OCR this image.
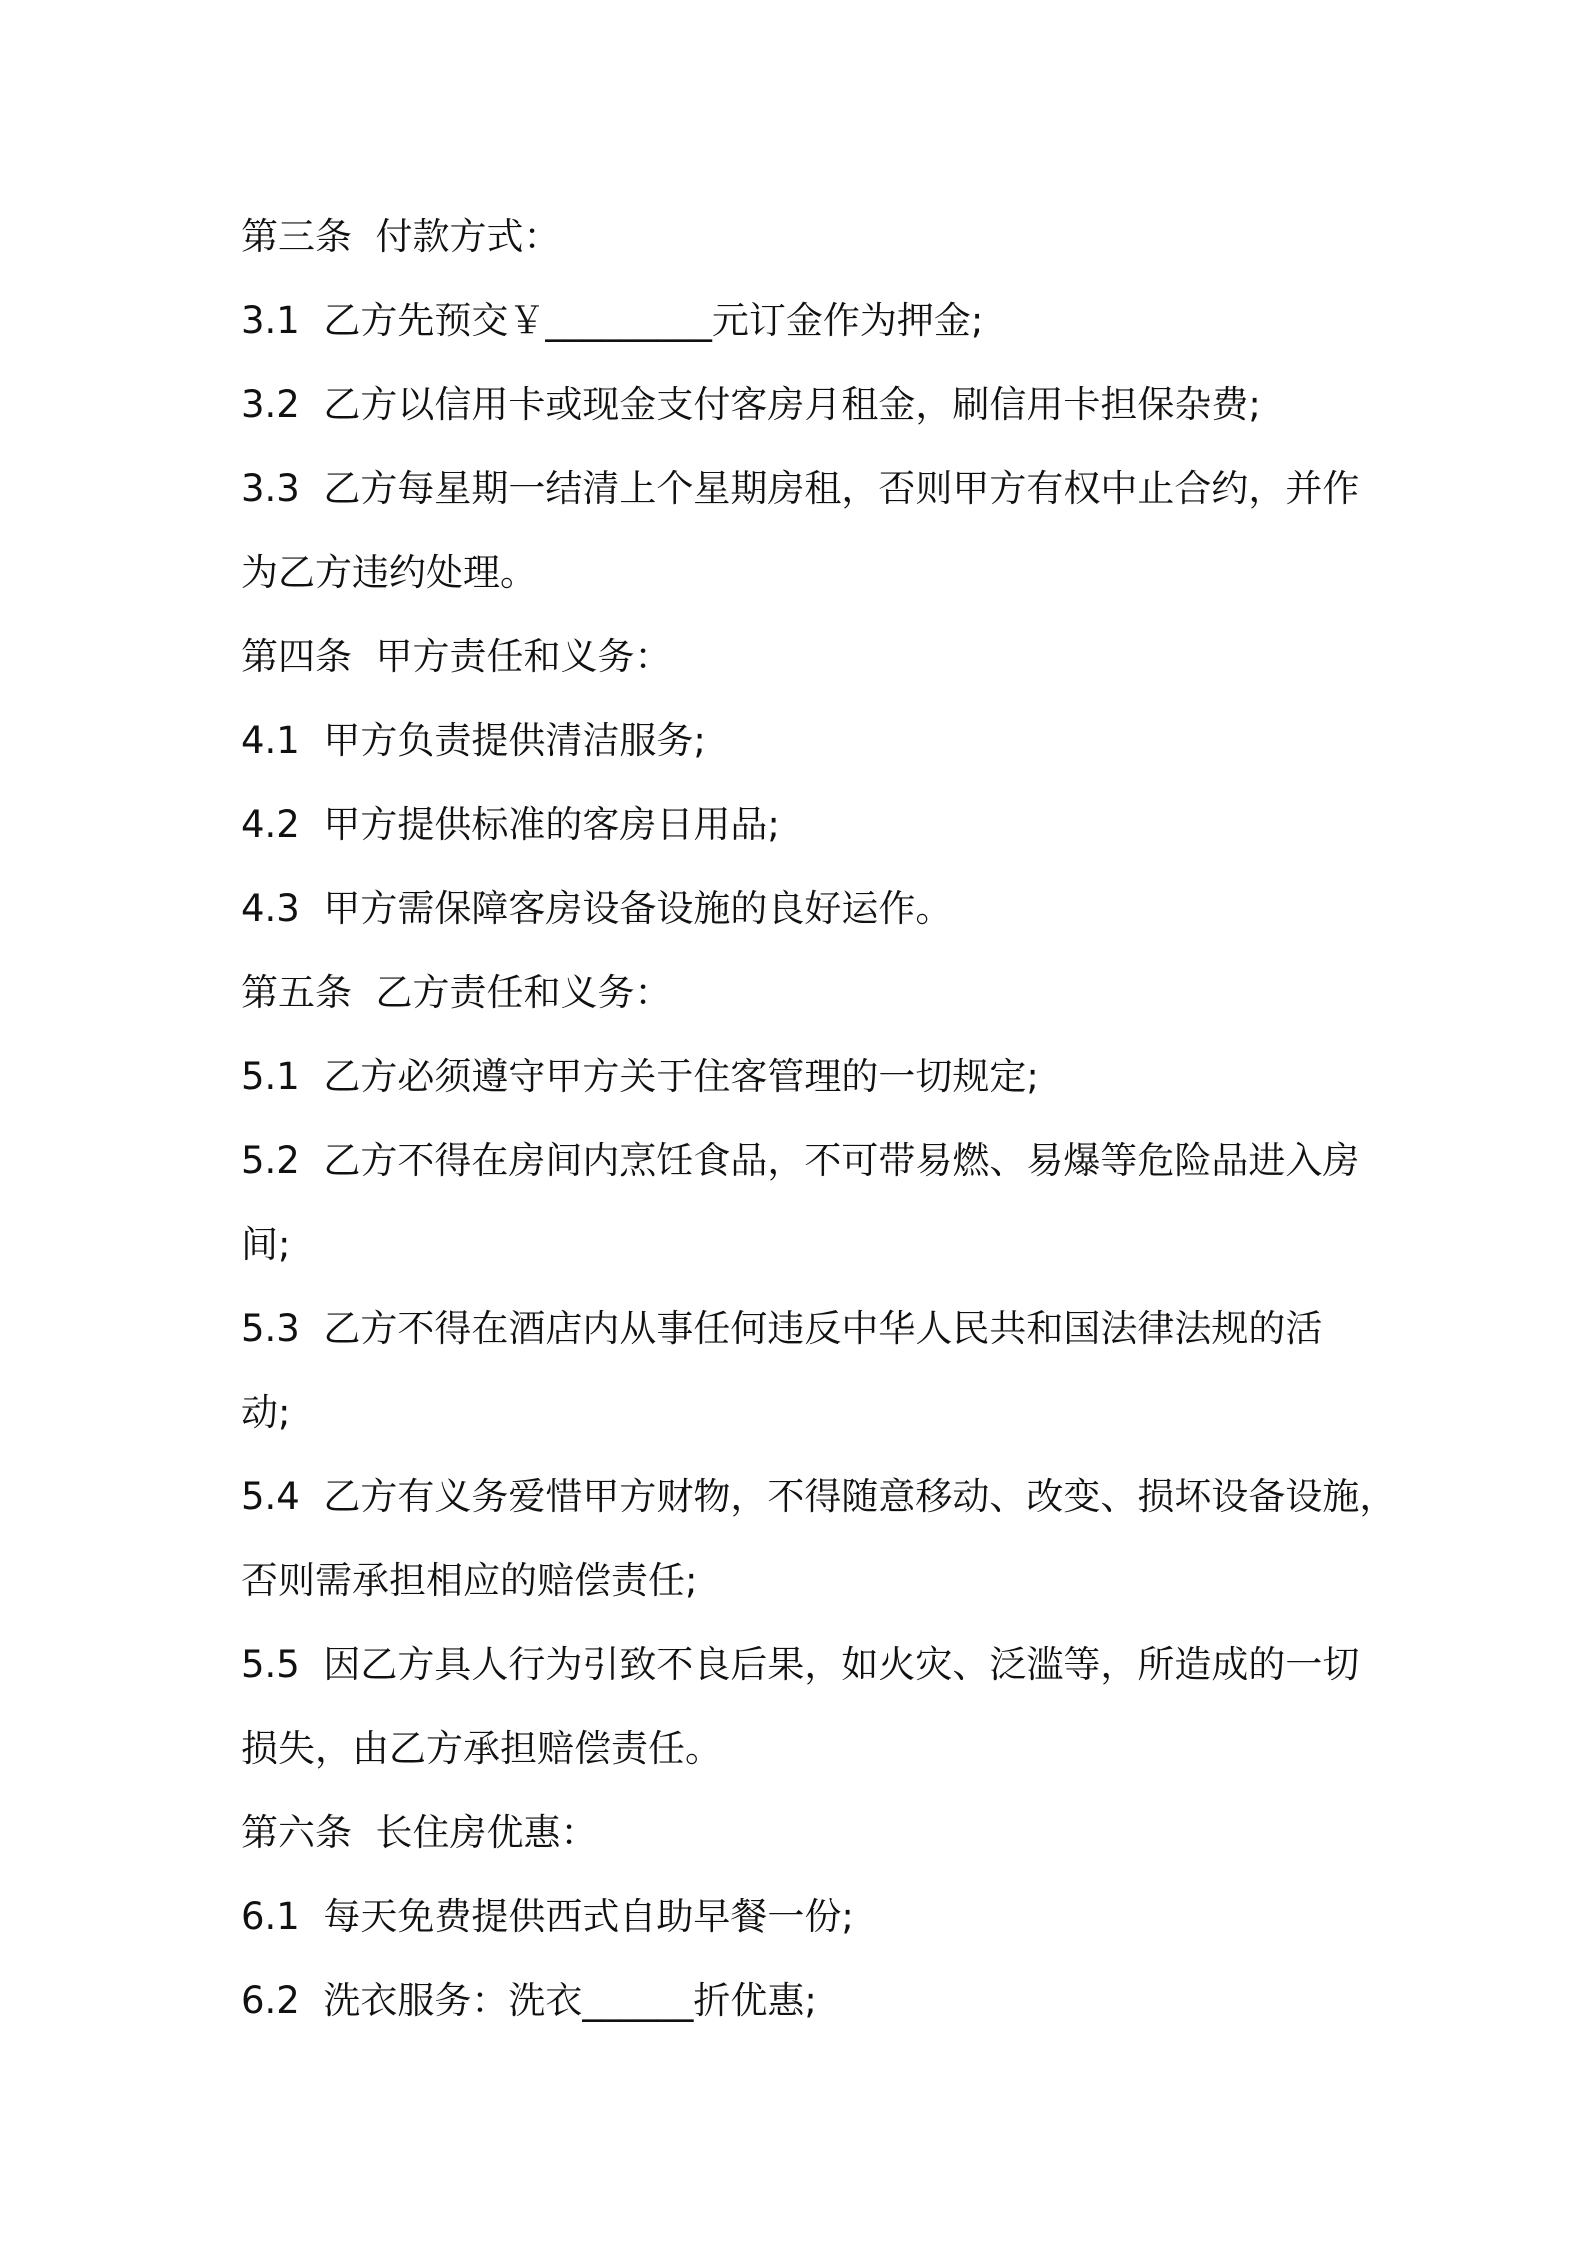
第三条  付款方式：
3.1  乙方先预交￥_________元订金作为押金;
3.2  乙方以信用卡或现金支付客房月租金，刷信用卡担保杂费;
3.3  乙方每星期一结清上个星期房租，否则甲方有权中止合约，并作
为乙方违约处理。
第四条  甲方责任和义务：
4.1  甲方负责提供清洁服务;
4.2  甲方提供标准的客房日用品;
4.3  甲方需保障客房设备设施的良好运作。
第五条  乙方责任和义务：
5.1  乙方必须遵守甲方关于住客管理的一切规定;
5.2  乙方不得在房间内烹饪食品，不可带易燃、易爆等危险品进入房
间;
5.3  乙方不得在酒店内从事任何违反中华人民共和国法律法规的活
动;
5.4  乙方有义务爱惜甲方财物，不得随意移动、改变、损坏设备设施，
否则需承担相应的赔偿责任;
5.5  因乙方具人行为引致不良后果，如火灾、泛滥等，所造成的一切
损失，由乙方承担赔偿责任。
第六条  长住房优惠：
6.1  每天免费提供西式自助早餐一份;
6.2  洗衣服务：洗衣______折优惠;
